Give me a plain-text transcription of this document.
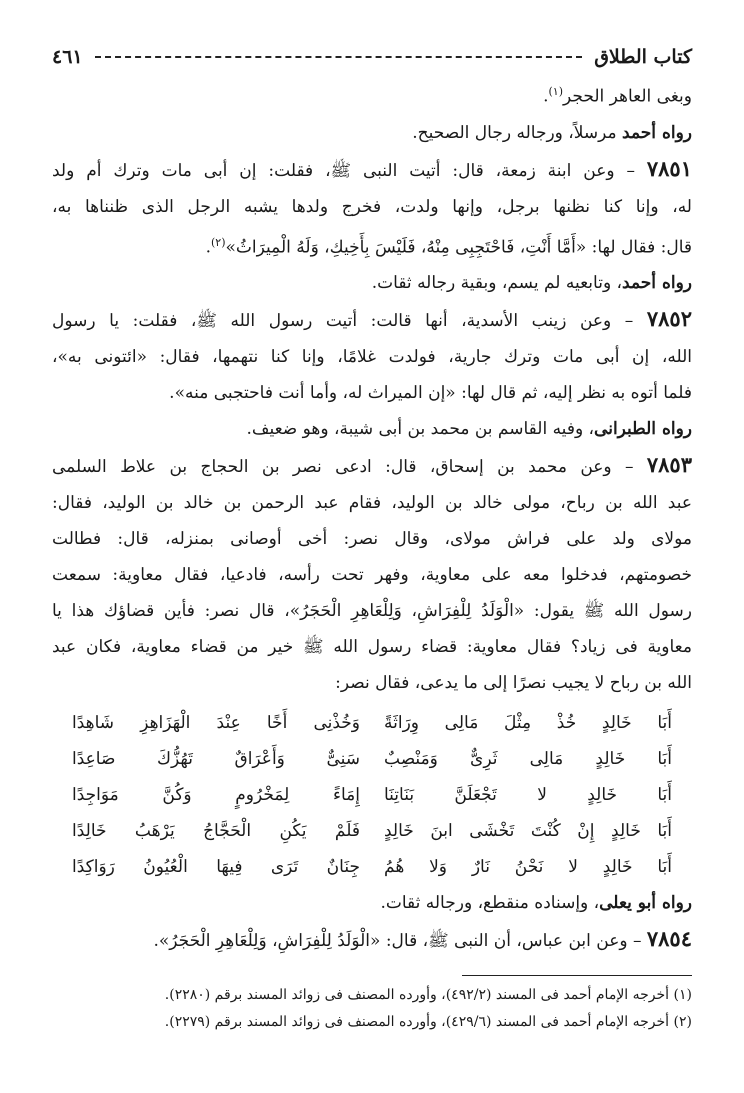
كتاب الطلاق
٤٦١
وبغى العاهر الحجر$^{(١)}$.
رواه أحمد مرسلاً، ورجاله رجال الصحيح.
٧٨٥١ – وعن ابنة زمعة، قال: أتيت النبى ﷺ، فقلت: إن أبى مات وترك أم ولد
له، وإنا كنا نظنها برجل، وإنها ولدت، فخرج ولدها يشبه الرجل الذى ظنناها به،
قال: فقال لها: «أَمَّا أَنْتِ، فَاحْتَجِبِى مِنْهُ، فَلَيْسَ بِأَخِيكِ، وَلَهُ الْمِيرَاثُ»$^{(٢)}$.
رواه أحمد، وتابعيه لم يسم، وبقية رجاله ثقات.
٧٨٥٢ – وعن زينب الأسدية، أنها قالت: أتيت رسول الله ﷺ، فقلت: يا رسول
الله، إن أبى مات وترك جارية، فولدت غلامًا، وإنا كنا نتهمها، فقال: «ائتونى به»،
فلما أتوه به نظر إليه، ثم قال لها: «إن الميراث له، وأما أنت فاحتجبى منه».
رواه الطبرانى، وفيه القاسم بن محمد بن أبى شيبة، وهو ضعيف.
٧٨٥٣ – وعن محمد بن إسحاق، قال: ادعى نصر بن الحجاج بن علاط السلمى
عبد الله بن رباح، مولى خالد بن الوليد، فقام عبد الرحمن بن خالد بن الوليد، فقال:
مولاى ولد على فراش مولاى، وقال نصر: أخى أوصانى بمنزله، قال: فطالت
خصومتهم، فدخلوا معه على معاوية، وفهر تحت رأسه، فادعيا، فقال معاوية: سمعت
رسول الله ﷺ يقول: «الْوَلَدُ لِلْفِرَاشِ، وَلِلْعَاهِرِ الْحَجَرُ»، قال نصر: فأين قضاؤك هذا يا
معاوية فى زياد؟ فقال معاوية: قضاء رسول الله ﷺ خير من قضاء معاوية، فكان عبد
الله بن رباح لا يجيب نصرًا إلى ما يدعى، فقال نصر:
أَبَا خَالِدٍ خُذْ مِثْلَ مَالِى وِرَاثَةً
وَخُذْنِى أَخًا عِنْدَ الْهَزَاهِزِ شَاهِدًا
أَبَا خَالِدٍ مَالِى ثَرِىٌّ وَمَنْصِبٌ
سَنِىٌّ وَأَعْرَاقٌ تَهُزُّكَ صَاعِدًا
أَبَا خَالِدٍ لا تَجْعَلَنَّ بَنَاتِنَا
إِمَاءً لِمَخْرُومٍ وَكُنَّ مَوَاجِدًا
أَبَا خَالِدٍ إِنْ كُنْتَ تَخْشَى ابنَ خَالِدٍ
فَلَمْ يَكُنِ الْحَجَّاجُ يَرْهَبُ خَالِدًا
أَبَا خَالِدٍ لا نَحْنُ نَارٌ وَلا هُمُ
جِنَانٌ تَرَى فِيهَا الْعُيُونُ رَوَاكِدًا
رواه أبو يعلى، وإسناده منقطع، ورجاله ثقات.
٧٨٥٤ – وعن ابن عباس، أن النبى ﷺ، قال: «الْوَلَدُ لِلْفِرَاشِ، وَلِلْعَاهِرِ الْحَجَرُ».
(١) أخرجه الإمام أحمد فى المسند (٤٩٢/٢)، وأورده المصنف فى زوائد المسند برقم (٢٢٨٠).
(٢) أخرجه الإمام أحمد فى المسند (٤٢٩/٦)، وأورده المصنف فى زوائد المسند برقم (٢٢٧٩).
